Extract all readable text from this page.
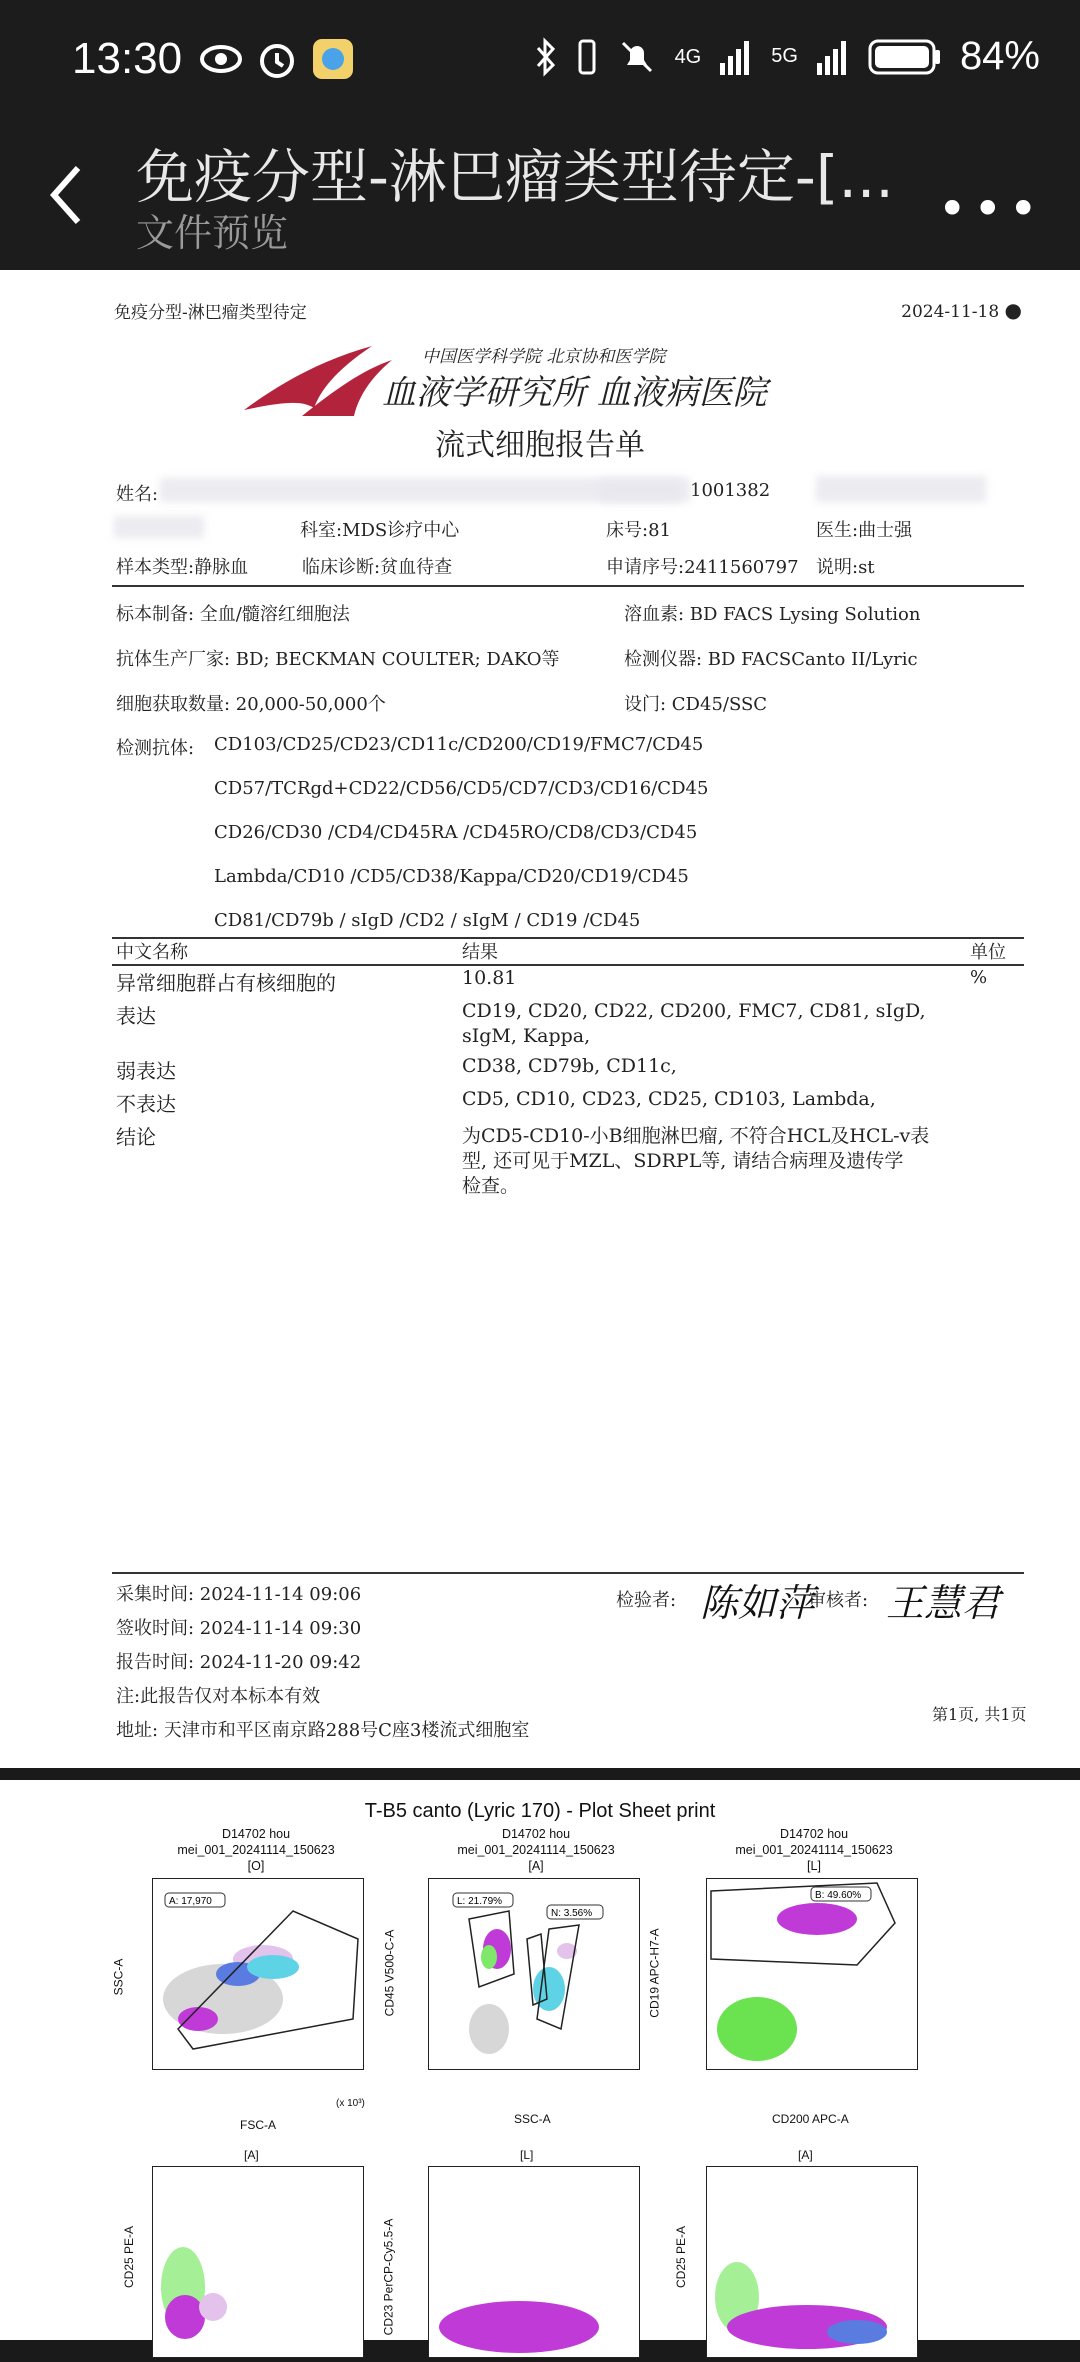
13:30	4G	5G	84%
免疫分型-淋巴瘤类型待定-[...
文件预览	•••
免疫分型-淋巴瘤类型待定	2024-11-18 ●
中国医学科学院 北京协和医学院
血液学研究所 血液病医院
流式细胞报告单
姓名:	1001382
科室:MDS诊疗中心	床号:81	医生:曲士强
样本类型:静脉血	临床诊断:贫血待查	申请序号:2411560797 说明:st
标本制备: 全血/髓溶红细胞法	溶血素: BD FACS Lysing Solution
抗体生产厂家: BD; BECKMAN COULTER; DAKO等	检测仪器: BD FACSCanto II/Lyric
细胞获取数量: 20,000-50,000个	设门: CD45/SSC
检测抗体: CD103/CD25/CD23/CD11c/CD200/CD19/FMC7/CD45
CD57/TCRgd+CD22/CD56/CD5/CD7/CD3/CD16/CD45
CD26/CD30 /CD4/CD45RA /CD45RO/CD8/CD3/CD45
Lambda/CD10 /CD5/CD38/Kappa/CD20/CD19/CD45
CD81/CD79b / sIgD /CD2 / sIgM / CD19 /CD45
中文名称	结果	单位
异常细胞群占有核细胞的	10.81	%
表达	CD19, CD20, CD22, CD200, FMC7, CD81, sIgD,
sIgM, Kappa,
弱表达	CD38, CD79b, CD11c,
不表达	CD5, CD10, CD23, CD25, CD103, Lambda,
结论	为CD5-CD10-小B细胞淋巴瘤, 不符合HCL及HCL-v表
型, 还可见于MZL、SDRPL等, 请结合病理及遗传学
检查。
采集时间: 2024-11-14 09:06
签收时间: 2024-11-14 09:30
报告时间: 2024-11-20 09:42
注:此报告仅对本标本有效
地址: 天津市和平区南京路288号C座3楼流式细胞室
检验者: 陈如萍
审核者: 王慧君
第1页, 共1页
T-B5 canto (Lyric 170) - Plot Sheet print
D14702 hou
mei_001_20241114_150623
[O]
A: 17,970
FSC-A
SSC-A
(x 10³)
D14702 hou
mei_001_20241114_150623
[A]
L: 21.79%
N: 3.56%
SSC-A
CD45 V500-C-A
D14702 hou
mei_001_20241114_150623
[L]
B: 49.60%
CD200 APC-A
CD19 APC-H7-A
[A]
CD25 PE-A
[L]
CD23 PerCP-Cy5.5-A
[A]
CD25 PE-A
